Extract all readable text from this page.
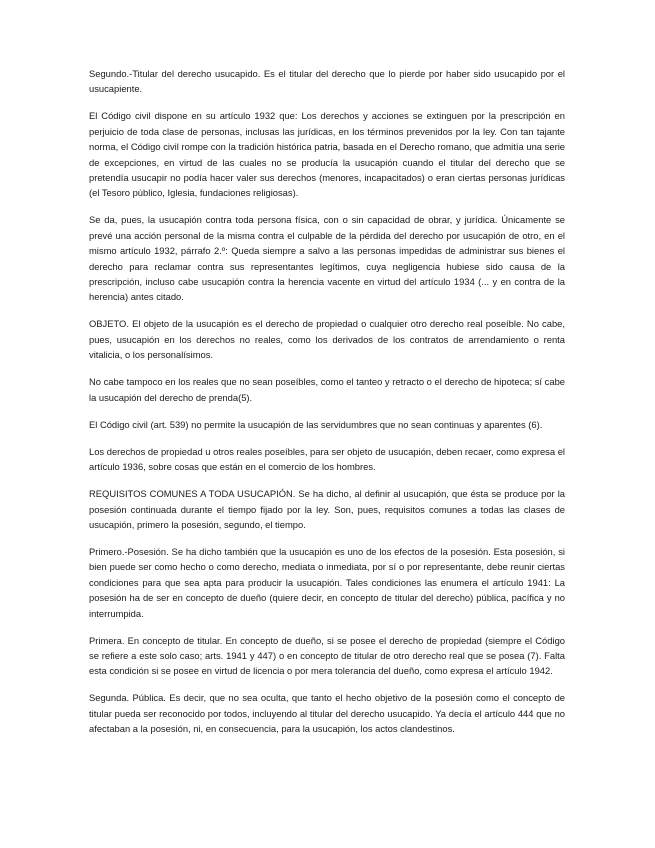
Segundo.-Titular del derecho usucapido. Es el titular del derecho que lo pierde por haber sido usucapido por el usucapiente.

El Código civil dispone en su artículo 1932 que: Los derechos y acciones se extinguen por la prescripción en perjuicio de toda clase de personas, inclusas las jurídicas, en los términos prevenidos por la ley. Con tan tajante norma, el Código civil rompe con la tradición histórica patria, basada en el Derecho romano, que admitía una serie de excepciones, en virtud de las cuales no se producía la usucapión cuando el titular del derecho que se pretendía usucapir no podía hacer valer sus derechos (menores, incapacitados) o eran ciertas personas jurídicas (el Tesoro público, Iglesia, fundaciones religiosas).

Se da, pues, la usucapión contra toda persona física, con o sin capacidad de obrar, y jurídica. Únicamente se prevé una acción personal de la misma contra el culpable de la pérdida del derecho por usucapión de otro, en el mismo artículo 1932, párrafo 2.º: Queda siempre a salvo a las personas impedidas de administrar sus bienes el derecho para reclamar contra sus representantes legítimos, cuya negligencia hubiese sido causa de la prescripción, incluso cabe usucapión contra la herencia vacente en virtud del artículo 1934 (... y en contra de la herencia) antes citado.

OBJETO. El objeto de la usucapión es el derecho de propiedad o cualquier otro derecho real poseíble. No cabe, pues, usucapión en los derechos no reales, como los derivados de los contratos de arrendamiento o renta vitalicia, o los personalísimos.

No cabe tampoco en los reales que no sean poseíbles, como el tanteo y retracto o el derecho de hipoteca; sí cabe la usucapión del derecho de prenda(5).

El Código civil (art. 539) no permite la usucapión de las servidumbres que no sean continuas y aparentes (6).

Los derechos de propiedad u otros reales poseíbles, para ser objeto de usucapión, deben recaer, como expresa el artículo 1936, sobre cosas que están en el comercio de los hombres.

REQUISITOS COMUNES A TODA USUCAPIÓN. Se ha dicho, al definir al usucapión, que ésta se produce por la posesión continuada durante el tiempo fijado por la ley. Son, pues, requisitos comunes a todas las clases de usucapión, primero la posesión, segundo, el tiempo.

Primero.-Posesión. Se ha dicho también que la usucapión es uno de los efectos de la posesión. Esta posesión, si bien puede ser como hecho o como derecho, mediata o inmediata, por sí o por representante, debe reunir ciertas condiciones para que sea apta para producir la usucapión. Tales condiciones las enumera el artículo 1941: La posesión ha de ser en concepto de dueño (quiere decir, en concepto de titular del derecho) pública, pacífica y no interrumpida.

Primera. En concepto de titular. En concepto de dueño, si se posee el derecho de propiedad (siempre el Código se refiere a este solo caso; arts. 1941 y 447) o en concepto de titular de otro derecho real que se posea (7). Falta esta condición si se posee en virtud de licencia o por mera tolerancia del dueño, como expresa el artículo 1942.

Segunda. Pública. Es decir, que no sea oculta, que tanto el hecho objetivo de la posesión como el concepto de titular pueda ser reconocido por todos, incluyendo al titular del derecho usucapido. Ya decía el artículo 444 que no afectaban a la posesión, ni, en consecuencia, para la usucapión, los actos clandestinos.
